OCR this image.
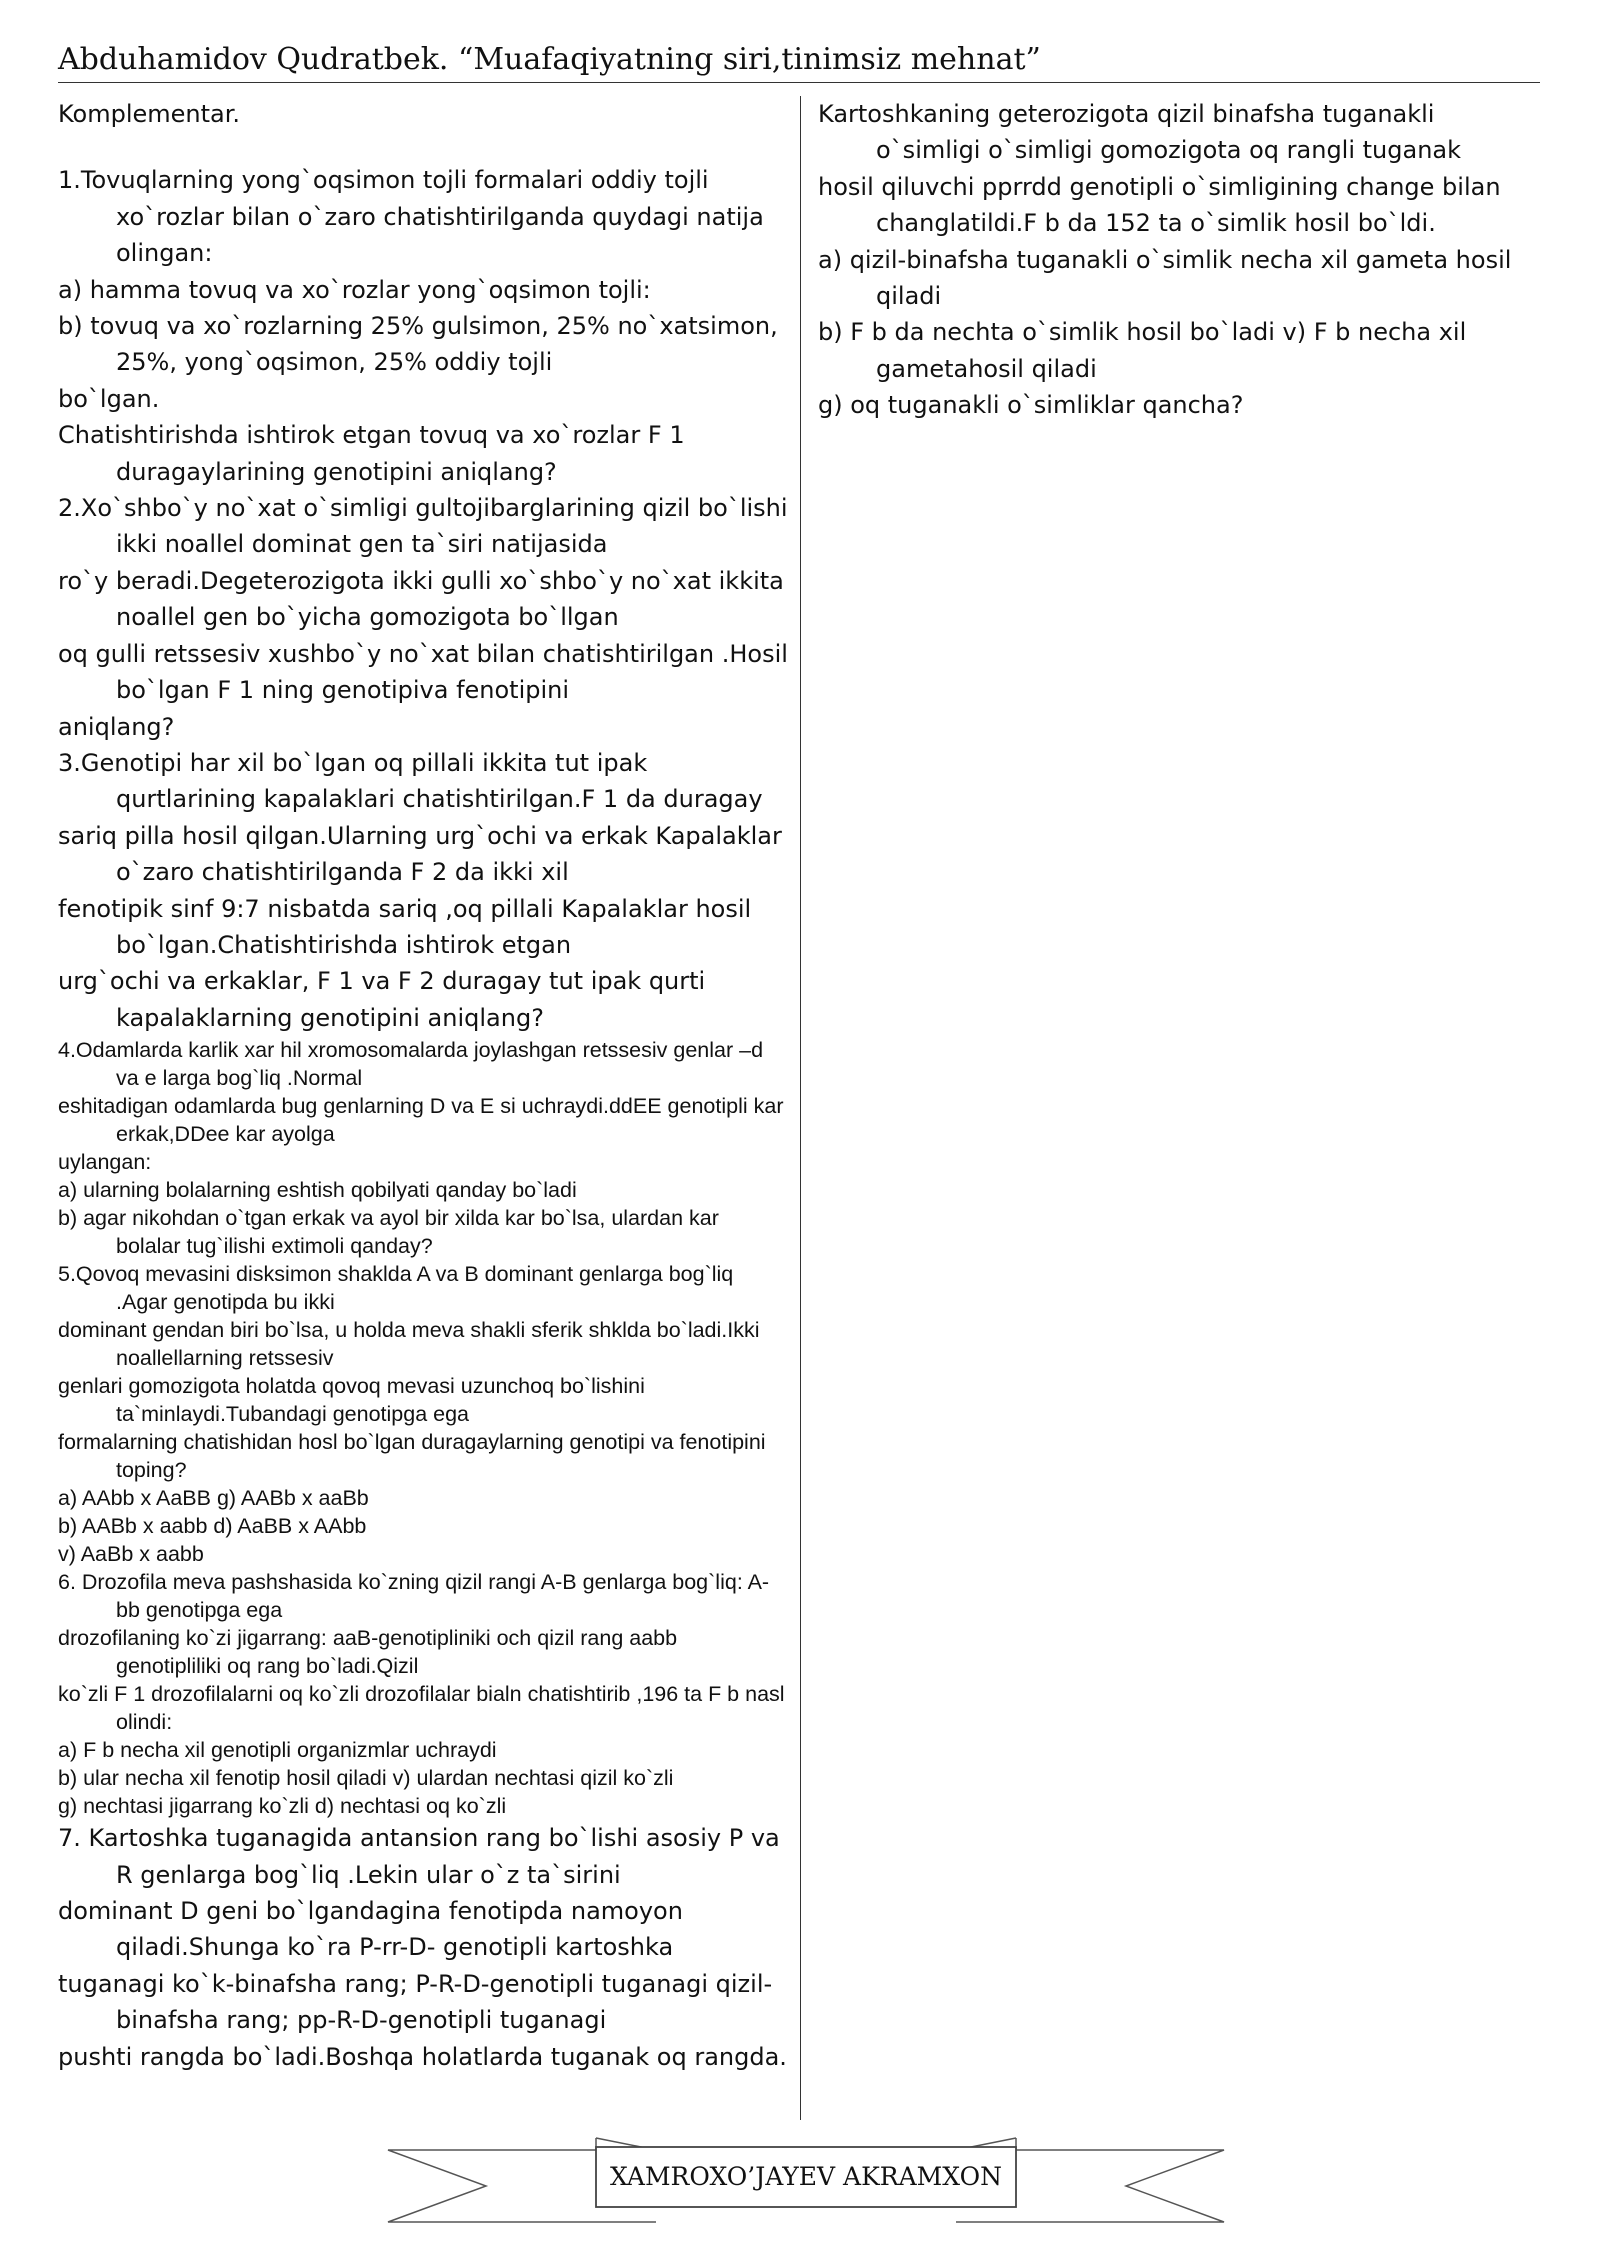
Abduhamidov Qudratbek. “Muafaqiyatning siri,tinimsiz mehnat”

Komplementar.

1.Tovuqlarning yong`oqsimon tojli formalari oddiy tojli xo`rozlar bilan o`zaro chatishtirilganda quydagi natija olingan:

a) hamma tovuq va xo`rozlar yong`oqsimon tojli:

b) tovuq va xo`rozlarning 25% gulsimon, 25% no`xatsimon, 25%, yong`oqsimon, 25% oddiy tojli

bo`lgan.

Chatishtirishda ishtirok etgan tovuq va xo`rozlar F 1 duragaylarining genotipini aniqlang?

2.Xo`shbo`y no`xat o`simligi gultojibarglarining qizil bo`lishi ikki noallel dominat gen ta`siri natijasida

ro`y beradi.Degeterozigota ikki gulli xo`shbo`y no`xat ikkita noallel gen bo`yicha gomozigota bo`llgan

oq gulli retssesiv xushbo`y no`xat bilan chatishtirilgan .Hosil bo`lgan F 1 ning genotipiva fenotipini

aniqlang?

3.Genotipi har xil bo`lgan oq pillali ikkita tut ipak qurtlarining kapalaklari chatishtirilgan.F 1 da duragay

sariq pilla hosil qilgan.Ularning urg`ochi va erkak Kapalaklar o`zaro chatishtirilganda F 2 da ikki xil

fenotipik sinf 9:7 nisbatda sariq ,oq pillali Kapalaklar hosil bo`lgan.Chatishtirishda ishtirok etgan

urg`ochi va erkaklar, F 1 va F 2 duragay tut ipak qurti kapalaklarning genotipini aniqlang?

4.Odamlarda karlik xar hil xromosomalarda joylashgan retssesiv genlar –d va e larga bog`liq .Normal

eshitadigan odamlarda bug genlarning D va E si uchraydi.ddEE genotipli kar erkak,DDee kar ayolga

uylangan:

a) ularning bolalarning eshtish qobilyati qanday bo`ladi

b) agar nikohdan o`tgan erkak va ayol bir xilda kar bo`lsa, ulardan kar bolalar tug`ilishi extimoli qanday?

5.Qovoq mevasini disksimon shaklda A va B dominant genlarga bog`liq .Agar genotipda bu ikki

dominant gendan biri bo`lsa, u holda meva shakli sferik shklda bo`ladi.Ikki noallellarning retssesiv

genlari gomozigota holatda qovoq mevasi uzunchoq bo`lishini ta`minlaydi.Tubandagi genotipga ega

formalarning chatishidan hosl bo`lgan duragaylarning genotipi va fenotipini toping?

a) AAbb x AaBB g) AABb x aaBb

b) AABb x aabb d) AaBB x AAbb

v) AaBb x aabb

6. Drozofila meva pashshasida ko`zning qizil rangi A-B genlarga bog`liq: A-bb genotipga ega

drozofilaning ko`zi jigarrang: aaB-genotipliniki och qizil rang aabb genotipliliki oq rang bo`ladi.Qizil

ko`zli F 1 drozofilalarni oq ko`zli drozofilalar bialn chatishtirib ,196 ta F b nasl olindi:

a) F b necha xil genotipli organizmlar uchraydi

b) ular necha xil fenotip hosil qiladi v) ulardan nechtasi qizil ko`zli

g) nechtasi jigarrang ko`zli d) nechtasi oq ko`zli

7. Kartoshka tuganagida antansion rang bo`lishi asosiy P va R genlarga bog`liq .Lekin ular o`z ta`sirini

dominant D geni bo`lgandagina fenotipda namoyon qiladi.Shunga ko`ra P-rr-D- genotipli kartoshka

tuganagi ko`k-binafsha rang; P-R-D-genotipli tuganagi qizil-binafsha rang; pp-R-D-genotipli tuganagi

pushti rangda bo`ladi.Boshqa holatlarda tuganak oq rangda.

Kartoshkaning geterozigota qizil binafsha tuganakli o`simligi o`simligi gomozigota oq rangli tuganak

hosil qiluvchi pprrdd genotipli o`simligining change bilan changlatildi.F b da 152 ta o`simlik hosil bo`ldi.

a) qizil-binafsha tuganakli o`simlik necha xil gameta hosil qiladi

b) F b da nechta o`simlik hosil bo`ladi v) F b necha xil gametahosil qiladi

g) oq tuganakli o`simliklar qancha?

XAMROXO’JAYEV AKRAMXON
